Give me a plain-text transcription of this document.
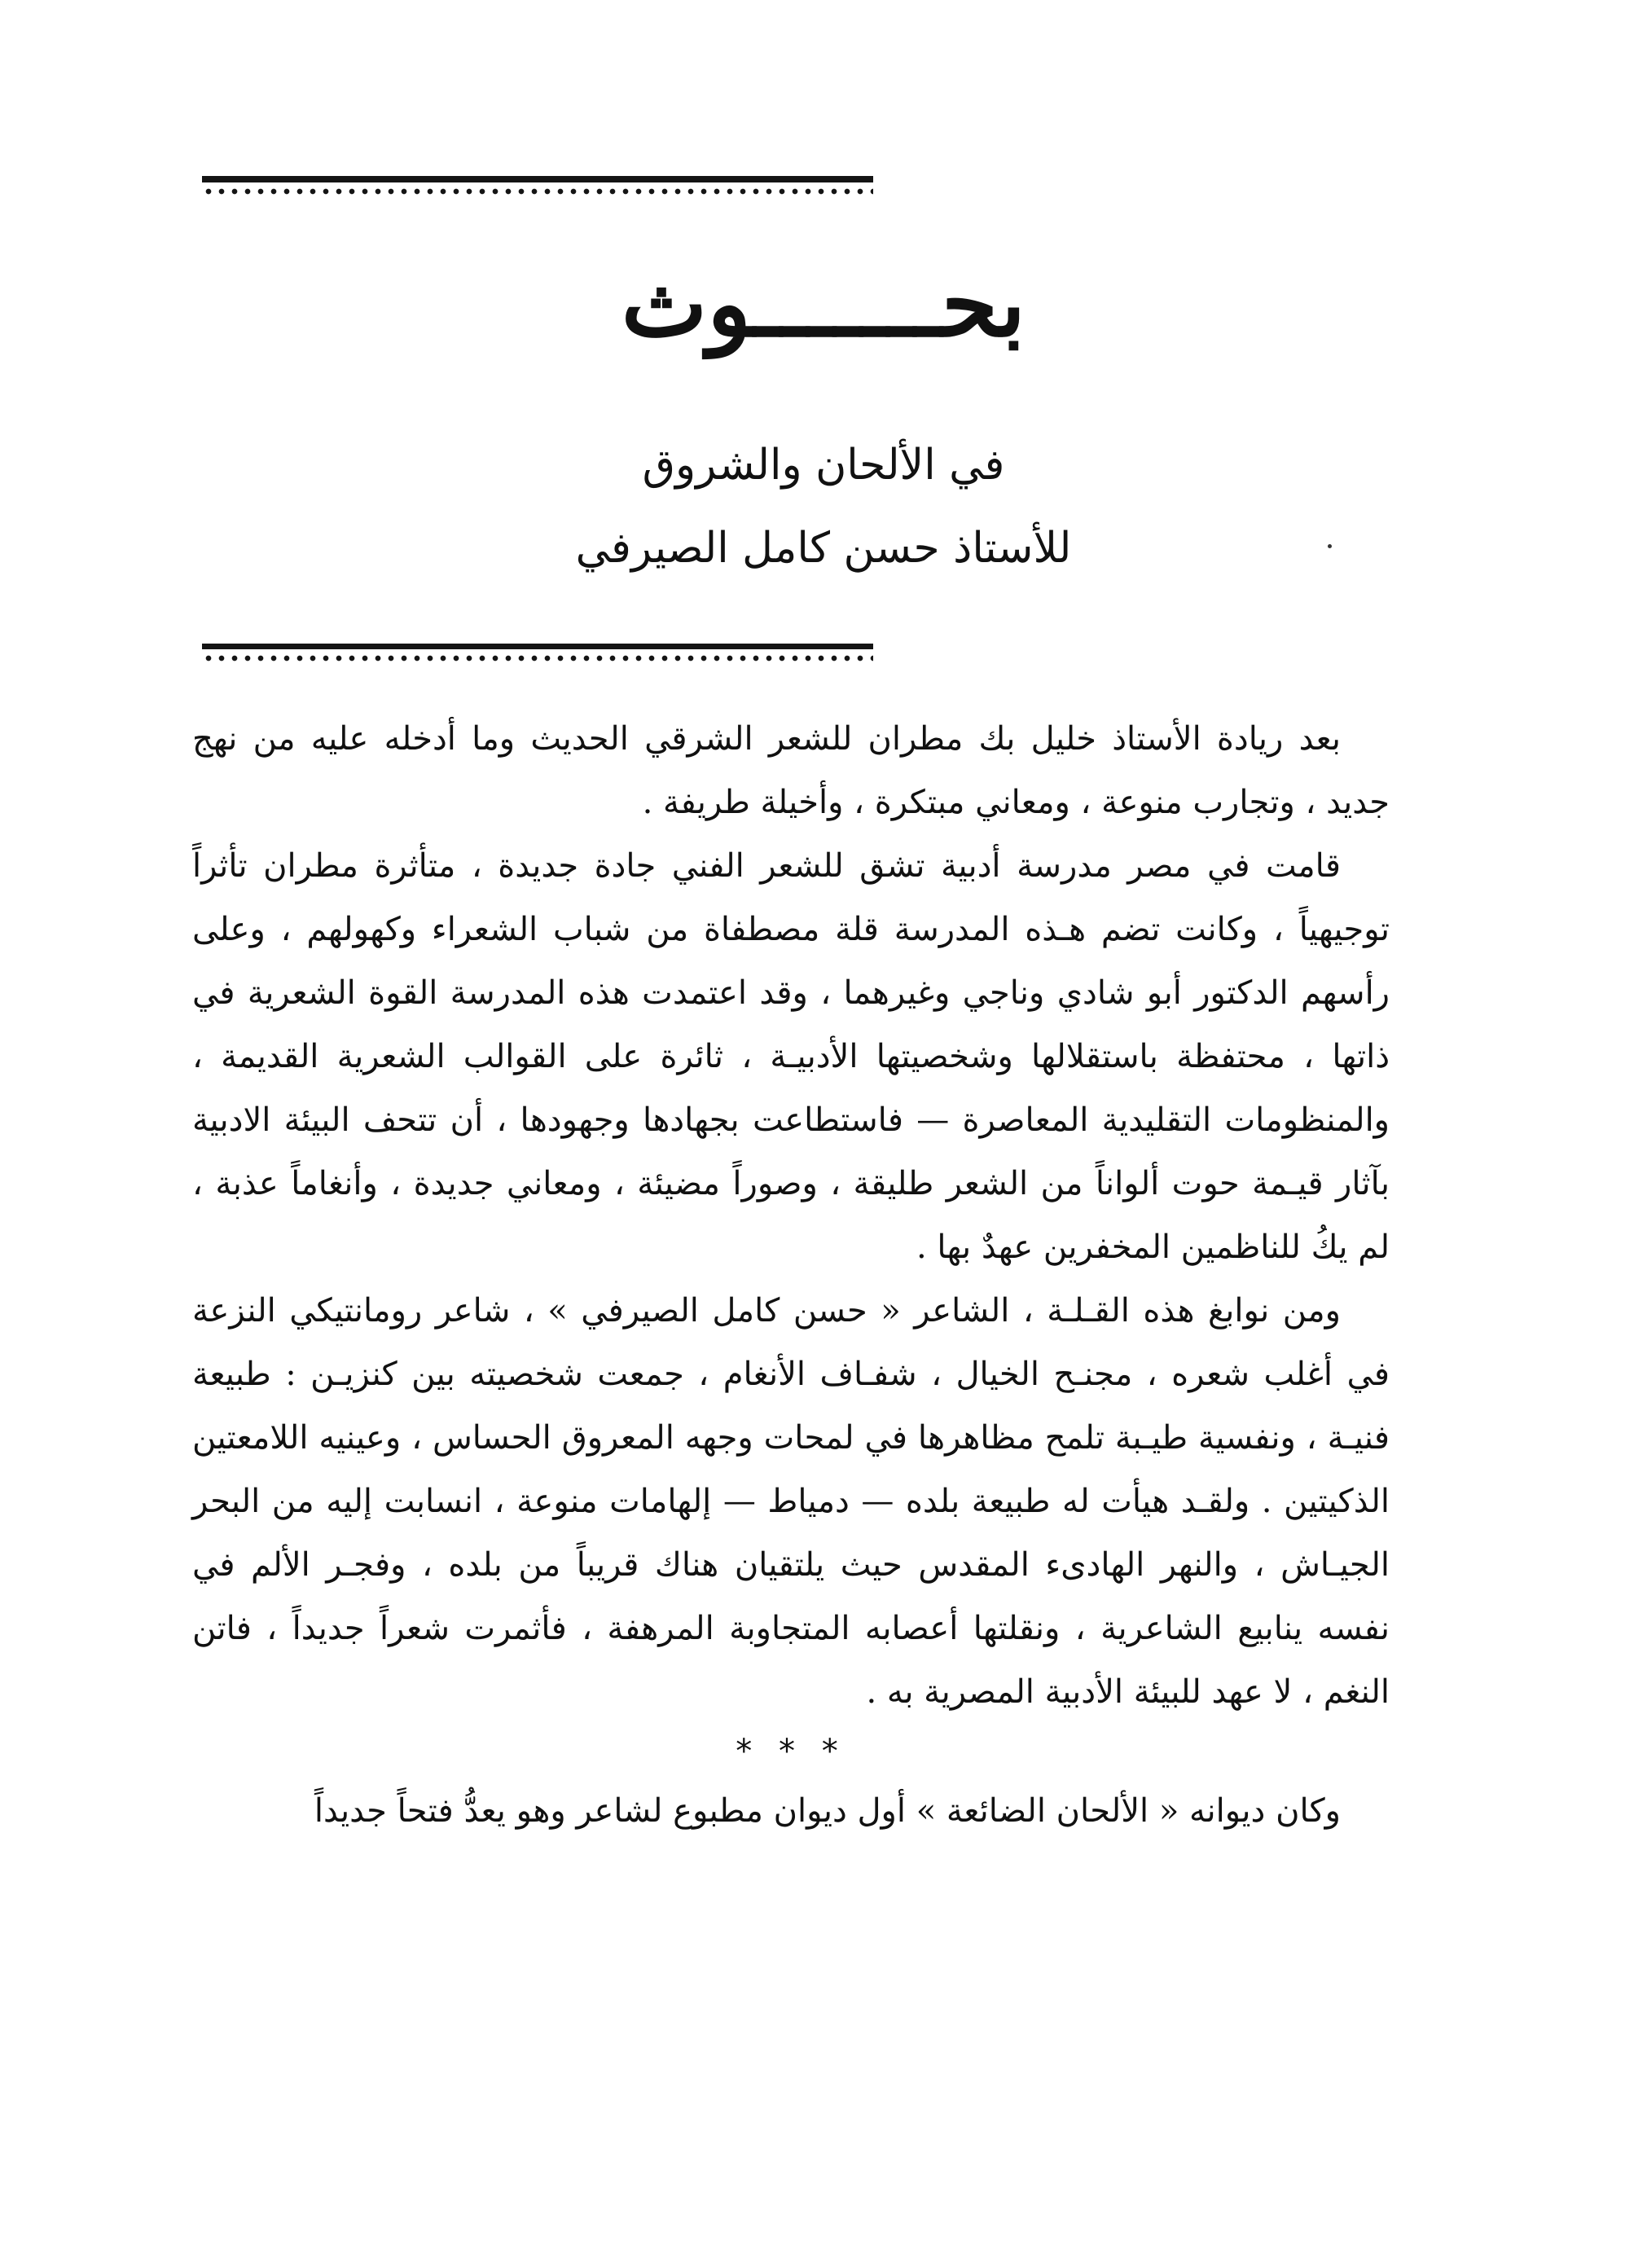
بحـــــــوث
في الألحان والشروق
للأستاذ حسن كامل الصيرفي

بعد ريادة الأستاذ خليل بك مطران للشعر الشرقي الحديث وما أدخله عليه من نهج جديد ، وتجارب منوعة ، ومعاني مبتكرة ، وأخيلة طريفة .

قامت في مصر مدرسة أدبية تشق للشعر الفني جادة جديدة ، متأثرة مطران تأثراً توجيهياً ، وكانت تضم هـذه المدرسة قلة مصطفاة من شباب الشعراء وكهولهم ، وعلى رأسهم الدكتور أبو شادي وناجي وغيرهما ، وقد اعتمدت هذه المدرسة القوة الشعرية في ذاتها ، محتفظة باستقلالها وشخصيتها الأدبيـة ، ثائرة على القوالب الشعرية القديمة ، والمنظومات التقليدية المعاصرة — فاستطاعت بجهادها وجهودها ، أن تتحف البيئة الادبية بآثار قيـمة حوت ألواناً من الشعر طليقة ، وصوراً مضيئة ، ومعاني جديدة ، وأنغاماً عذبة ، لم يكُ للناظمين المخفرين عهدٌ بها .

ومن نوابغ هذه القـلـة ، الشاعر « حسن كامل الصيرفي » ، شاعر رومانتيكي النزعة في أغلب شعره ، مجنـح الخيال ، شفـاف الأنغام ، جمعت شخصيته بين كنزيـن : طبيعة فنيـة ، ونفسية طيـبة تلمح مظاهرها في لمحات وجهه المعروق الحساس ، وعينيه اللامعتين الذكيتين . ولقـد هيأت له طبيعة بلده — دمياط — إلهامات منوعة ، انسابت إليه من البحر الجيـاش ، والنهر الهادىء المقدس حيث يلتقيان هناك قريباً من بلده ، وفجـر الألم في نفسه ينابيع الشاعرية ، ونقلتها أعصابه المتجاوبة المرهفة ، فأثمرت شعراً جديداً ، فاتن النغم ، لا عهد للبيئة الأدبية المصرية به .

* * *

وكان ديوانه « الألحان الضائعة » أول ديوان مطبوع لشاعر وهو يعدُّ فتحاً جديداً
